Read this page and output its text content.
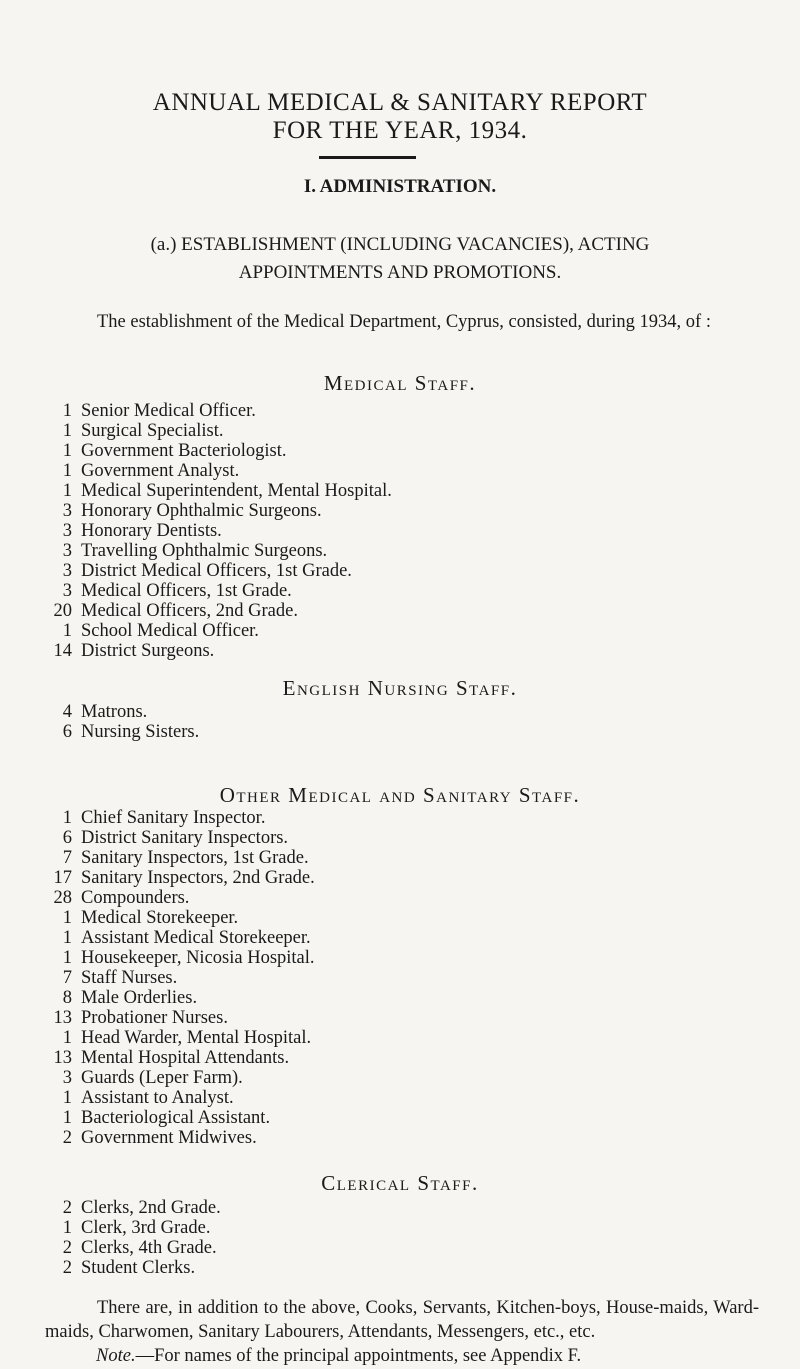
ANNUAL MEDICAL & SANITARY REPORT
FOR THE YEAR, 1934.
I. ADMINISTRATION.
(a.) ESTABLISHMENT (INCLUDING VACANCIES), ACTING
APPOINTMENTS AND PROMOTIONS.
The establishment of the Medical Department, Cyprus, consisted, during 1934, of :
Medical Staff.
1 Senior Medical Officer.
1 Surgical Specialist.
1 Government Bacteriologist.
1 Government Analyst.
1 Medical Superintendent, Mental Hospital.
3 Honorary Ophthalmic Surgeons.
3 Honorary Dentists.
3 Travelling Ophthalmic Surgeons.
3 District Medical Officers, 1st Grade.
3 Medical Officers, 1st Grade.
20 Medical Officers, 2nd Grade.
1 School Medical Officer.
14 District Surgeons.
English Nursing Staff.
4 Matrons.
6 Nursing Sisters.
Other Medical and Sanitary Staff.
1 Chief Sanitary Inspector.
6 District Sanitary Inspectors.
7 Sanitary Inspectors, 1st Grade.
17 Sanitary Inspectors, 2nd Grade.
28 Compounders.
1 Medical Storekeeper.
1 Assistant Medical Storekeeper.
1 Housekeeper, Nicosia Hospital.
7 Staff Nurses.
8 Male Orderlies.
13 Probationer Nurses.
1 Head Warder, Mental Hospital.
13 Mental Hospital Attendants.
3 Guards (Leper Farm).
1 Assistant to Analyst.
1 Bacteriological Assistant.
2 Government Midwives.
Clerical Staff.
2 Clerks, 2nd Grade.
1 Clerk, 3rd Grade.
2 Clerks, 4th Grade.
2 Student Clerks.
There are, in addition to the above, Cooks, Servants, Kitchen-boys, House-maids, Ward-maids, Charwomen, Sanitary Labourers, Attendants, Messengers, etc., etc.
Note.—For names of the principal appointments, see Appendix F.
